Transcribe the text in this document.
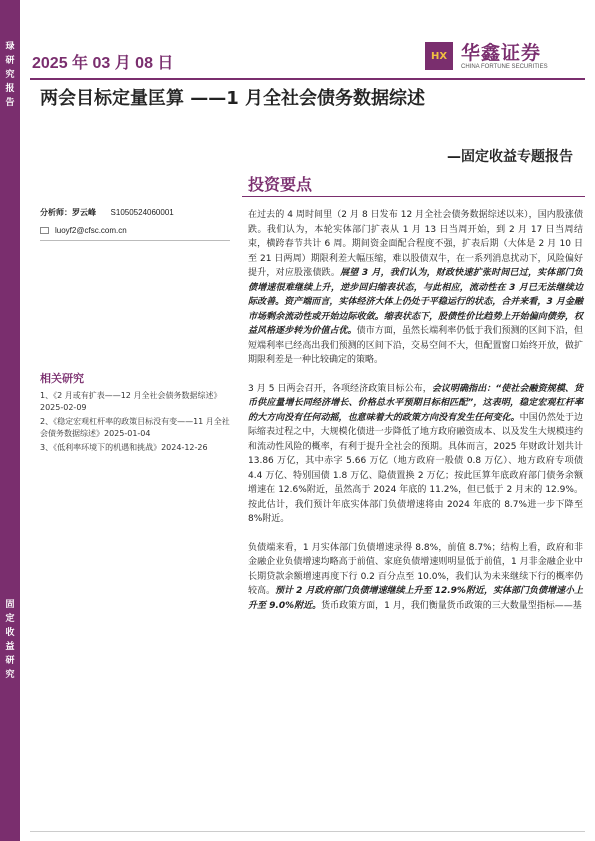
琭
研
究
报
告
固
定
收
益
研
究
2025 年 03 月 08 日	HX 华鑫证券
CHINA FORTUNE SECURITIES
两会目标定量匡算 ——1 月全社会债务数据综述
—固定收益专题报告
投资要点
分析师：罗云峰 S1050524060001
luoyf2@cfsc.com.cn
相关研究
1、《2 月或有扩表——12 月全社会债务数据综述》2025-02-09
2、《稳定宏观杠杆率的政策目标没有变——11 月全社会债务数据综述》2025-01-04
3、《低利率环境下的机遇和挑战》2024-12-26

在过去的 4 周时间里（2 月 8 日发布 12 月全社会债务数据综述以来），国内股涨债跌。我们认为，本轮实体部门扩表从 1 月 13 日当周开始，到 2 月 17 日当周结束，横跨春节共计 6 周。期间资金面配合程度不强，扩表后期（大体是 2 月 10 日至 21 日两周）期限利差大幅压缩，难以股债双牛，在一系列消息扰动下，风险偏好提升，对应股涨债跌。展望 3 月，我们认为，财政快速扩张时间已过，实体部门负债增速很难继续上升，逆步回归缩表状态，与此相应，流动性在 3 月已无法继续边际改善。资产端而言，实体经济大体上仍处于平稳运行的状态，合并来看，3 月金融市场剩余流动性或开始边际收敛。缩表状态下，股债性价比趋势上开始偏向债券，权益风格逐步转为价值占优。债市方面，虽然长端利率仍低于我们预测的区间下沿，但短端利率已经高出我们预测的区间下沿，交易空间不大，但配置窗口始终开放，做扩期限利差是一种比较确定的策略。

3 月 5 日两会召开，各项经济政策目标公布，会议明确指出：“使社会融资规模、货币供应量增长同经济增长、价格总水平预期目标相匹配”，这表明，稳定宏观杠杆率的大方向没有任何动摇，也意味着大的政策方向没有发生任何变化。中国仍然处于边际缩表过程之中，大规模化债进一步降低了地方政府融资成本、以及发生大规模违约和流动性风险的概率，有利于提升全社会的预期。具体而言，2025 年财政计划共计 13.86 万亿，其中赤字 5.66 万亿（地方政府一般债 0.8 万亿）、地方政府专项债 4.4 万亿、特别国债 1.8 万亿、隐债置换 2 万亿；按此匡算年底政府部门债务余额增速在 12.6%附近，虽然高于 2024 年底的 11.2%，但已低于 2 月末的 12.9%。按此估计，我们预计年底实体部门负债增速将由 2024 年底的 8.7%进一步下降至 8%附近。

负债端来看，1 月实体部门负债增速录得 8.8%，前值 8.7%；结构上看，政府和非金融企业负债增速均略高于前值、家庭负债增速则明显低于前值，1 月非金融企业中长期贷款余额增速再度下行 0.2 百分点至 10.0%，我们认为未来继续下行的概率仍较高。预计 2 月政府部门负债增速继续上升至 12.9%附近，实体部门负债增速小上升至 9.0%附近。货币政策方面，1 月，我们衡量货币政策的三大数量型指标——基
